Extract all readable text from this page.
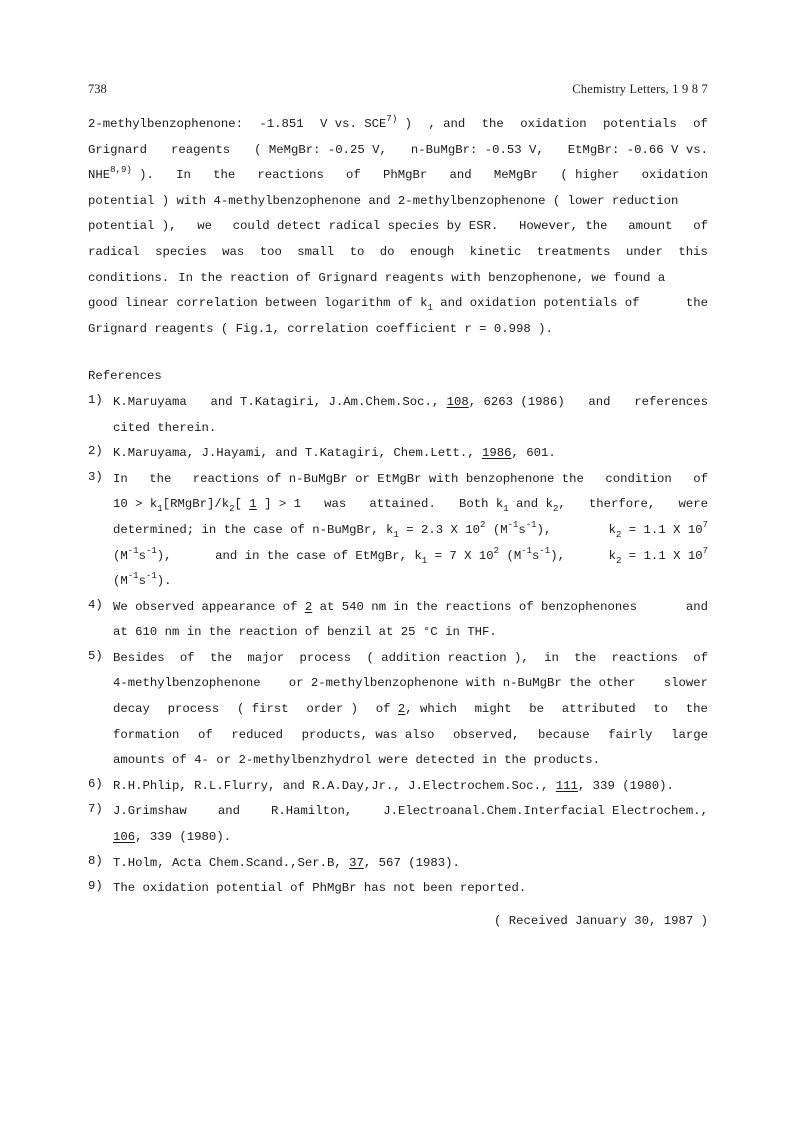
738	Chemistry Letters, 1 9 8 7
2-methylbenzophenone: -1.851 V vs. SCE$^{7)}$ ) , and the oxidation potentials of
Grignard reagents ( MeMgBr: -0.25 V, n-BuMgBr: -0.53 V, EtMgBr: -0.66 V vs.
NHE$^{8,9)}$ ). In the reactions of PhMgBr and MeMgBr ( higher oxidation
potential ) with 4-methylbenzophenone and 2-methylbenzophenone ( lower reduction
potential ), we could detect radical species by ESR. However, the amount of
radical species was too small to do enough kinetic treatments under this
conditions. In the reaction of Grignard reagents with benzophenone, we found a
good linear correlation between logarithm of $k_1$ and oxidation potentials of	the
Grignard reagents ( Fig.1, correlation coefficient r = 0.998 ).
References
1) K.Maruyama and T.Katagiri, J.Am.Chem.Soc., 108, 6263 (1986) and references
cited therein.
2) K.Maruyama, J.Hayami, and T.Katagiri, Chem.Lett., 1986, 601.
3) In the reactions of n-BuMgBr or EtMgBr with benzophenone the condition of
$10 > k_1[RMgBr]/k_2$[ 1 ] > 1 was attained. Both $k_1$ and $k_2$, therfore, were
determined; in the case of n-BuMgBr, $k_1 = 2.3$ X $10^2$ $(M^{-1}s^{-1})$,	$k_2 = 1.1$ X $10^7$
$(M^{-1}s^{-1})$,	and in the case of EtMgBr, $k_1 = 7$ X $10^2$ $(M^{-1}s^{-1})$,	$k_2 = 1.1$ X $10^7$
$(M^{-1}s^{-1})$.
4) We observed appearance of 2 at 540 nm in the reactions of benzophenones	and
at 610 nm in the reaction of benzil at 25 °C in THF.
5) Besides of the major process ( addition reaction ), in the reactions of
4-methylbenzophenone or 2-methylbenzophenone with n-BuMgBr the other slower
decay process ( first order ) of 2, which might be attributed to the
formation of reduced products, was also observed, because fairly large
amounts of 4- or 2-methylbenzhydrol were detected in the products.
6) R.H.Phlip, R.L.Flurry, and R.A.Day,Jr., J.Electrochem.Soc., 111, 339 (1980).
7) J.Grimshaw	and	R.Hamilton,	J.Electroanal.Chem.Interfacial Electrochem.,
106, 339 (1980).
8) T.Holm, Acta Chem.Scand.,Ser.B, 37, 567 (1983).
9) The oxidation potential of PhMgBr has not been reported.
( Received January 30, 1987 )
